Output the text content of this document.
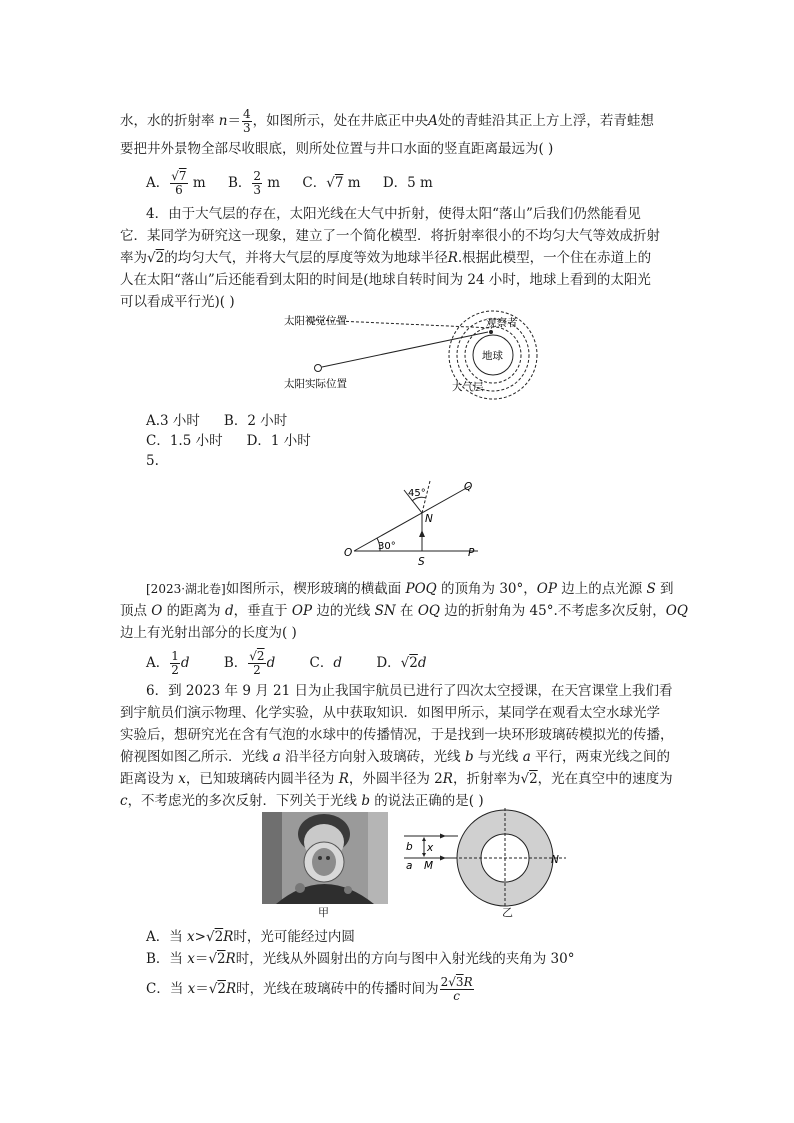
水，水的折射率 $n= \frac{4}{3}$ ，如图所示，处在井底正中央A处的青蛙沿其正上方上浮，若青蛙想
要把井外景物全部尽收眼底，则所处位置与井口水面的竖直距离最远为( )
A． $\frac{√7}{6}$ m B． $\frac{2}{3}$ m C．√7 m D．5 m
4．由于大气层的存在，太阳光线在大气中折射，使得太阳“落山”后我们仍然能看见
它．某同学为研究这一现象，建立了一个简化模型．将折射率很小的不均匀大气等效成折射
率为√2的均匀大气，并将大气层的厚度等效为地球半径R.根据此模型，一个住在赤道上的
人在太阳“落山”后还能看到太阳的时间是(地球自转时间为 24 小时，地球上看到的太阳光
可以看成平行光)( )
太阳视觉位置
太阳实际位置
观察者
地球
大气层
A.3 小时 B．2 小时
C．1.5 小时 D．1 小时
5.
45°
Q
N
30°
O
S
P
[2023·湖北卷]如图所示，楔形玻璃的横截面 POQ 的顶角为 30°，OP 边上的点光源 S 到
顶点 O 的距离为 d，垂直于 OP 边的光线 SN 在 OQ 边的折射角为 45°.不考虑多次反射，OQ
边上有光射出部分的长度为( )
A． $\frac{1}{2}$ d	B． $\frac{√2}{2}$ d	C．d	D．√2d
6．到 2023 年 9 月 21 日为止我国宇航员已进行了四次太空授课，在天宫课堂上我们看
到宇航员们演示物理、化学实验，从中获取知识．如图甲所示，某同学在观看太空水球光学
实验后，想研究光在含有气泡的水球中的传播情况，于是找到一块环形玻璃砖模拟光的传播，
俯视图如图乙所示．光线 a 沿半径方向射入玻璃砖，光线 b 与光线 a 平行，两束光线之间的
距离设为 x，已知玻璃砖内圆半径为 R，外圆半径为 2R，折射率为√2，光在真空中的速度为
c，不考虑光的多次反射．下列关于光线 b 的说法正确的是( )
甲
b
a
x
M	N
乙
A．当 x>√2R时，光可能经过内圆
B．当 x＝√2R时，光线从外圆射出的方向与图中入射光线的夹角为 30°
C．当 x＝√2R时，光线在玻璃砖中的传播时间为 $\frac{2√3R}{c}$
